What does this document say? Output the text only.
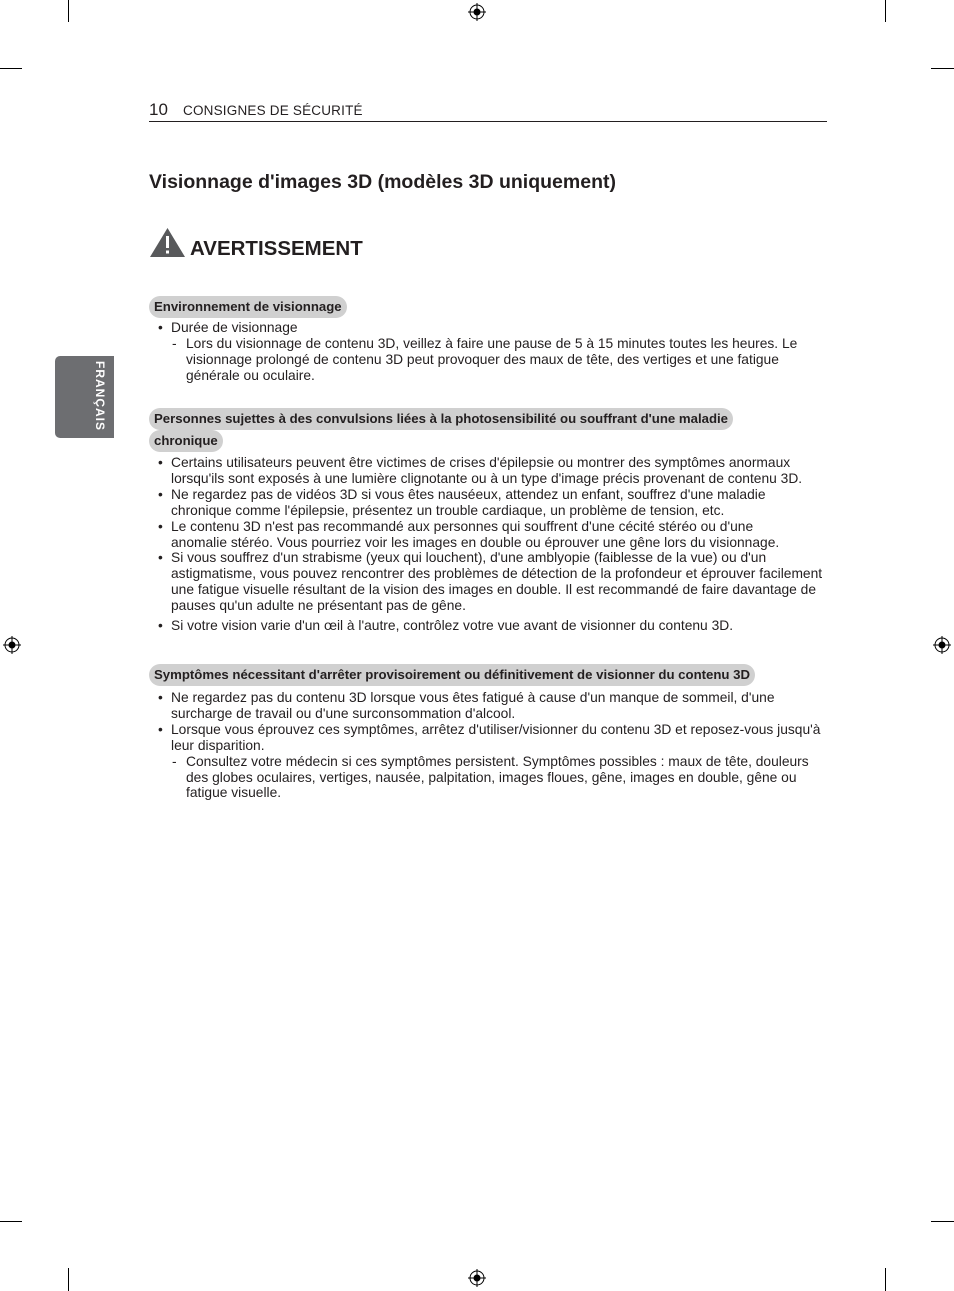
10 CONSIGNES DE SÉCURITÉ
FRANÇAIS
Visionnage d'images 3D (modèles 3D uniquement)
AVERTISSEMENT
Environnement de visionnage
• Durée de visionnage
- Lors du visionnage de contenu 3D, veillez à faire une pause de 5 à 15 minutes toutes les heures. Le visionnage prolongé de contenu 3D peut provoquer des maux de tête, des vertiges et une fatigue générale ou oculaire.
Personnes sujettes à des convulsions liées à la photosensibilité ou souffrant d'une maladie
chronique
• Certains utilisateurs peuvent être victimes de crises d'épilepsie ou montrer des symptômes anormaux lorsqu'ils sont exposés à une lumière clignotante ou à un type d'image précis provenant de contenu 3D.
• Ne regardez pas de vidéos 3D si vous êtes nauséeux, attendez un enfant, souffrez d'une maladie chronique comme l'épilepsie, présentez un trouble cardiaque, un problème de tension, etc.
• Le contenu 3D n'est pas recommandé aux personnes qui souffrent d'une cécité stéréo ou d'une anomalie stéréo. Vous pourriez voir les images en double ou éprouver une gêne lors du visionnage.
• Si vous souffrez d'un strabisme (yeux qui louchent), d'une amblyopie (faiblesse de la vue) ou d'un astigmatisme, vous pouvez rencontrer des problèmes de détection de la profondeur et éprouver facilement une fatigue visuelle résultant de la vision des images en double. Il est recommandé de faire davantage de pauses qu'un adulte ne présentant pas de gêne.
• Si votre vision varie d'un œil à l'autre, contrôlez votre vue avant de visionner du contenu 3D.
Symptômes nécessitant d'arrêter provisoirement ou définitivement de visionner du contenu 3D
• Ne regardez pas du contenu 3D lorsque vous êtes fatigué à cause d'un manque de sommeil, d'une surcharge de travail ou d'une surconsommation d'alcool.
• Lorsque vous éprouvez ces symptômes, arrêtez d'utiliser/visionner du contenu 3D et reposez-vous jusqu'à leur disparition.
- Consultez votre médecin si ces symptômes persistent. Symptômes possibles : maux de tête, douleurs des globes oculaires, vertiges, nausée, palpitation, images floues, gêne, images en double, gêne ou fatigue visuelle.
